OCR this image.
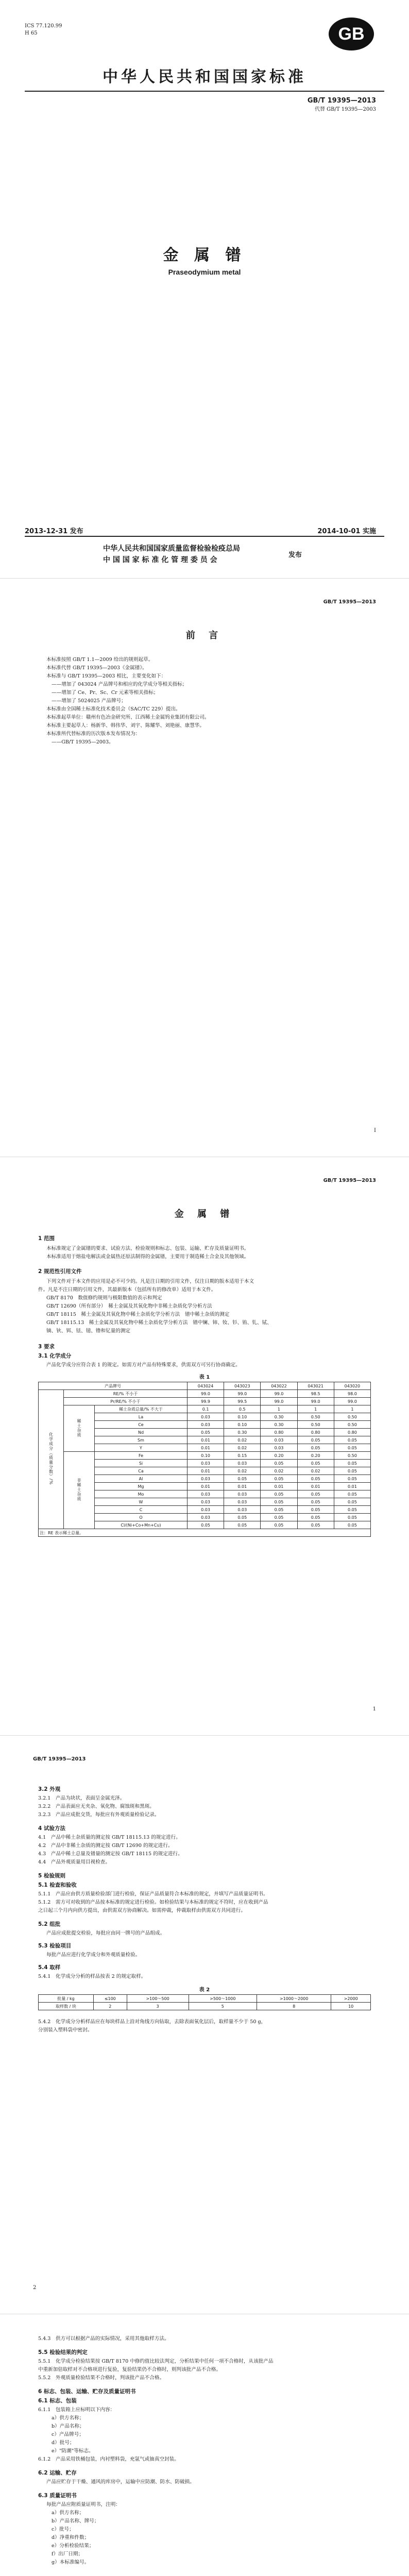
ICS 77.120.99
H 65	GB
中华人民共和国国家标准
GB/T 19395—2013
代替 GB/T 19395—2003
金 属 镨
Praseodymium metal
2013-12-31 发布	2014-10-01 实施
中华人民共和国国家质量监督检验检疫总局
中 国 国 家 标 准 化 管 理 委 员 会
发布
GB/T 19395—2013
前 言
本标准按照 GB/T 1.1—2009 给出的规则起草。
本标准代替 GB/T 19395—2003《金属镨》。
本标准与 GB/T 19395—2003 相比，主要变化如下：
——增加了 043024 产品牌号和相应的化学成分等相关指标；
——增加了 Ce、Pr、Sc、Cr 元素等相关指标；
——增加了 5024025 产品牌号；
本标准由全国稀土标准化技术委员会（SAC/TC 229）提出。
本标准起草单位：赣州有色冶金研究所、江西稀土金属钨业集团有限公司。
本标准主要起草人：杨新华、韩伟华、刘宇、陈耀华、刘艳丽、康慧华。
本标准所代替标准的历次版本发布情况为：
——GB/T 19395—2003。
I
GB/T 19395—2013
金 属 镨
1 范围
本标准规定了金属镨的要求、试验方法、检验规则和标志、包装、运输、贮存及质量证明书。
本标准适用于熔盐电解法或金属热还原法制得的金属镨，主要用于制造稀土合金及其他领域。
2 规范性引用文件
下列文件对于本文件的应用是必不可少的。凡是注日期的引用文件，仅注日期的版本适用于本文
件。凡是不注日期的引用文件，其最新版本（包括所有的修改单）适用于本文件。
GB/T 8170　数值修约规则与极限数值的表示和判定
GB/T 12690（所有部分）　稀土金属及其氧化物中非稀土杂质化学分析方法
GB/T 18115　稀土金属及其氧化物中稀土杂质化学分析方法　镨中稀土杂质的测定
GB/T 18115.13　稀土金属及其氧化物中稀土杂质化学分析方法　镨中镧、铈、钕、钐、铕、钆、铽、
镝、钬、铒、铥、镱、镥和钇量的测定
3 要求
3.1 化学成分
产品化学成分应符合表 1 的规定。如需方对产品有特殊要求，供需双方可另行协商确定。
表 1
产品牌号			043024	043023	043022	043021	043020
化学成分（质量分数）/%	RE/% 不小于		99.0	99.0	99.0	98.5	98.0
	Pr/RE/% 不小于		99.9	99.5	99.0	99.0	99.0
	稀土杂质	稀土杂质总量/% 不大于	0.1	0.5	1	1	1
		La	0.03	0.10	0.30	0.50	0.50
		Ce	0.03	0.10	0.30	0.50	0.50
		Nd	0.05	0.30	0.80	0.80	0.80
		Sm	0.01	0.02	0.03	0.05	0.05
		Y	0.01	0.02	0.03	0.05	0.05
	非稀土杂质	Fe	0.10	0.15	0.20	0.20	0.50
		Si	0.03	0.03	0.05	0.05	0.05
		Ca	0.01	0.02	0.02	0.02	0.05
		Al	0.03	0.05	0.05	0.05	0.05
		Mg	0.01	0.01	0.01	0.01	0.01
		Mo	0.03	0.03	0.05	0.05	0.05
		W	0.03	0.03	0.05	0.05	0.05
		C	0.03	0.03	0.05	0.05	0.05
		O	0.03	0.05	0.05	0.05	0.05
		Cl/(Ni+Co+Mn+Cu)	0.05	0.05	0.05	0.05	0.05
注：RE 表示稀土总量。							
1
GB/T 19395—2013
3.2 外观
3.2.1　产品为块状，表面呈金属光泽。
3.2.2　产品表面应无夹杂、氧化物、腐蚀斑和黑斑。
3.2.3　产品应成批交货，每批应有外观质量检验记录。
4 试验方法
4.1　产品中稀土杂质量的测定按 GB/T 18115.13 的规定进行。
4.2　产品中非稀土杂质的测定按 GB/T 12690 的规定进行。
4.3　产品中稀土总量及镨量的测定按 GB/T 18115 的规定进行。
4.4　产品外观质量用目视检查。
5 检验规则
5.1 检查和验收
5.1.1　产品应由供方质量检验部门进行检验，保证产品质量符合本标准的规定，并填写产品质量证明书。
5.1.2　需方可对收到的产品按本标准的规定进行检验。如检验结果与本标准的规定不符时，应在收到产品
之日起三个月内向供方提出，由供需双方协商解决。如需仲裁，仲裁取样由供需双方共同进行。
5.2 组批
产品应成批提交检验，每批应由同一牌号的产品组成。
5.3 检验项目
每批产品应进行化学成分和外观质量检验。
5.4 取样
5.4.1　化学成分分析的样品按表 2 的规定取样。
表 2
批量 / kg	≤100	>100～500	>500～1000	>1000～2000	>2000
取样数 / 块	2	3	5	8	10
5.4.2　化学成分分析样品应在每块样品上沿对角线方向钻取，去除表面氧化层后，取样量不少于 50 g，
分别装入塑料袋中密封。
2
5.4.3　供方可以根据产品的实际情况，采用其他取样方法。
5.5 检验结果的判定
5.5.1　化学成分检验结果按 GB/T 8170 中修约值比较法判定，分析结果中任何一项不合格时，从该批产品
中重新加倍取样对不合格项进行复验，复验结果仍不合格时，则判该批产品不合格。
5.5.2　外观质量检验结果不合格时，判该批产品不合格。
6 标志、包装、运输、贮存及质量证明书
6.1 标志、包装
6.1.1　包装箱上应标明以下内容：
a）供方名称；
b）产品名称；
c）产品牌号；
d）批号；
e）"防潮"等标志。
6.1.2　产品采用铁桶包装，内衬塑料袋，充氩气或抽真空封装。
6.2 运输、贮存
产品应贮存于干燥、通风的库房中，运输中应防潮、防水、防破损。
6.3 质量证明书
每批产品应附质量证明书，注明：
a）供方名称；
b）产品名称、牌号；
c）批号；
d）净重和件数；
e）分析检验结果；
f）出厂日期；
g）本标准编号。
